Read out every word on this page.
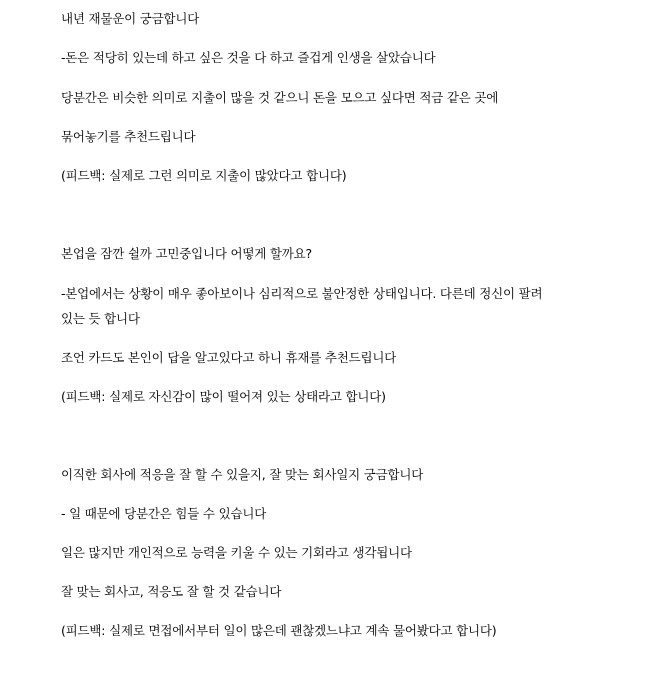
내년 재물운이 궁금합니다
-돈은 적당히 있는데 하고 싶은 것을 다 하고 즐겁게 인생을 살았습니다
당분간은 비슷한 의미로 지출이 많을 것 같으니 돈을 모으고 싶다면 적금 같은 곳에
묶어놓기를 추천드립니다
(피드백: 실제로 그런 의미로 지출이 많았다고 합니다)
본업을 잠깐 쉴까 고민중입니다 어떻게 할까요?
-본업에서는 상황이 매우 좋아보이나 심리적으로 불안정한 상태입니다. 다른데 정신이 팔려
있는 듯 합니다
조언 카드도 본인이 답을 알고있다고 하니 휴재를 추천드립니다
(피드백: 실제로 자신감이 많이 떨어져 있는 상태라고 합니다)
이직한 회사에 적응을 잘 할 수 있을지, 잘 맞는 회사일지 궁금합니다
- 일 때문에 당분간은 힘들 수 있습니다
일은 많지만 개인적으로 능력을 키울 수 있는 기회라고 생각됩니다
잘 맞는 회사고, 적응도 잘 할 것 같습니다
(피드백: 실제로 면접에서부터 일이 많은데 괜찮겠느냐고 계속 물어봤다고 합니다)
